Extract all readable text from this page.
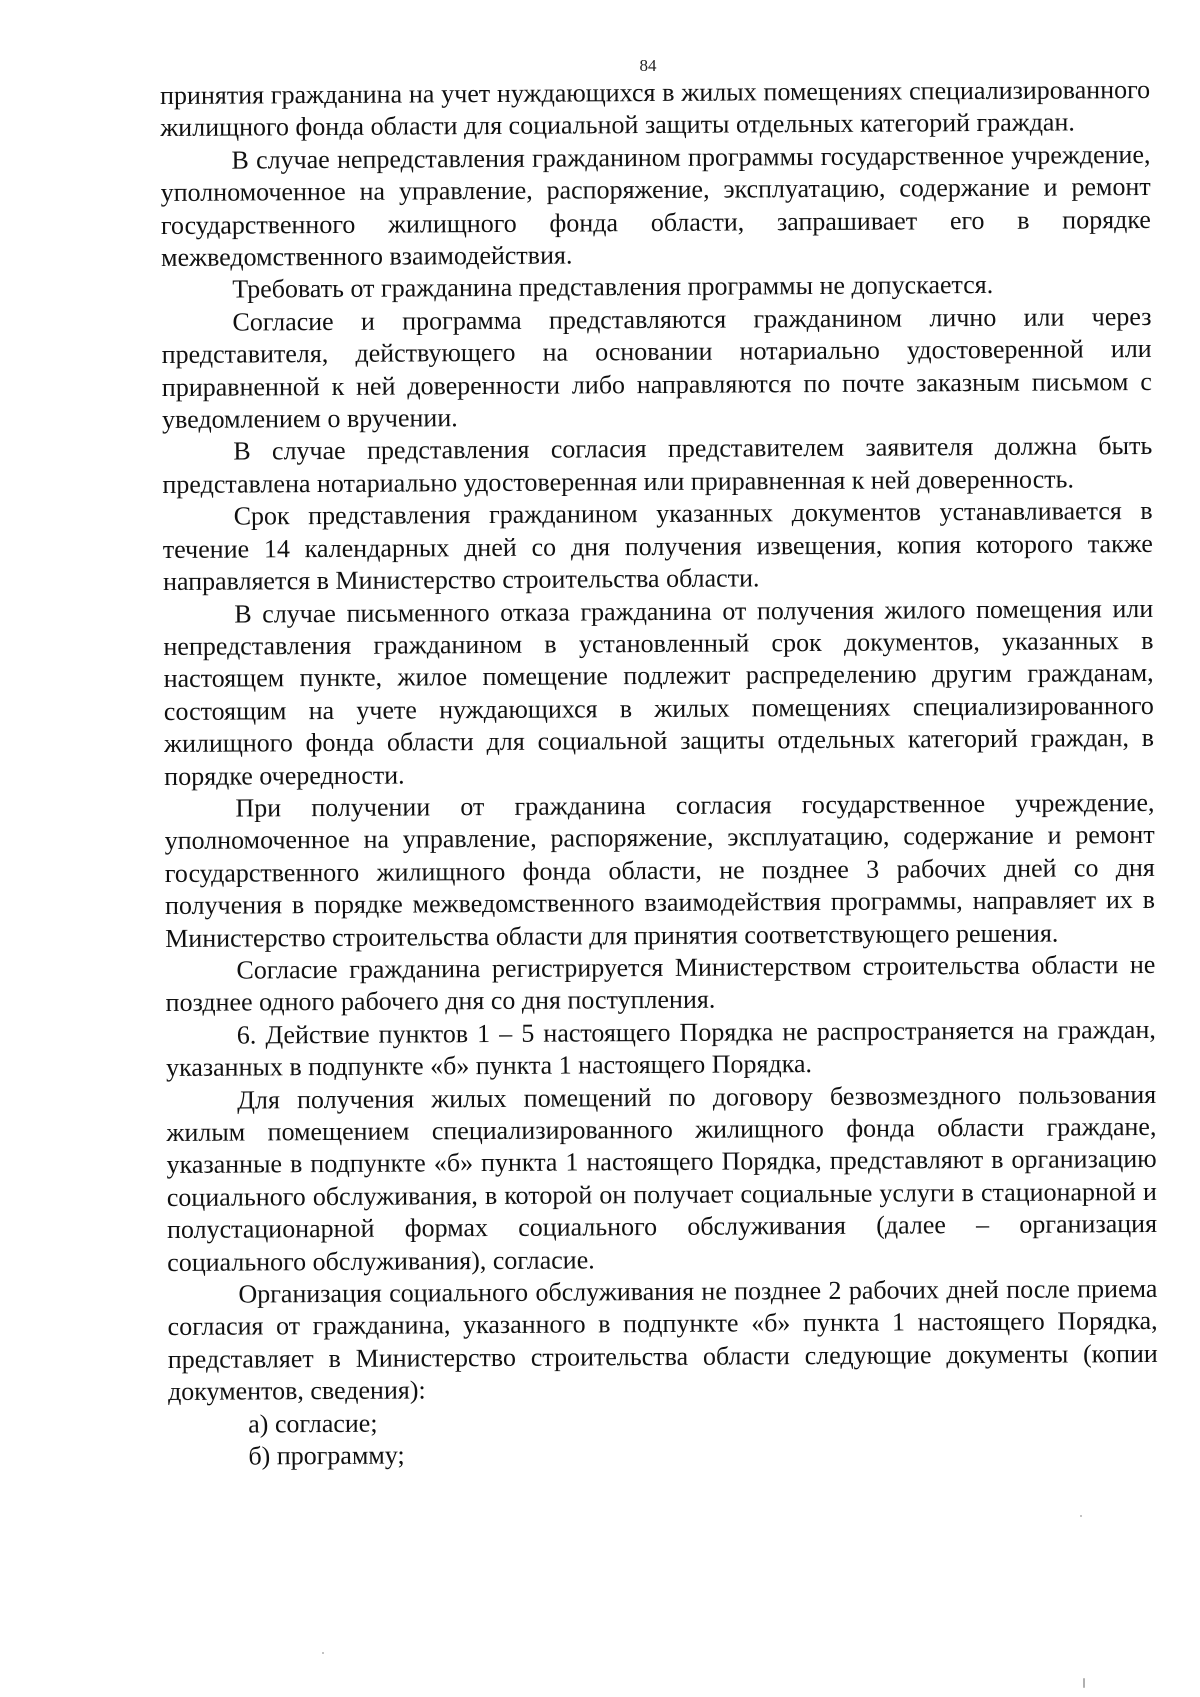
84

принятия гражданина на учет нуждающихся в жилых помещениях специализированного жилищного фонда области для социальной защиты отдельных категорий граждан.

В случае непредставления гражданином программы государственное учреждение, уполномоченное на управление, распоряжение, эксплуатацию, содержание и ремонт государственного жилищного фонда области, запрашивает его в порядке межведомственного взаимодействия.

Требовать от гражданина представления программы не допускается.

Согласие и программа представляются гражданином лично или через представителя, действующего на основании нотариально удостоверенной или приравненной к ней доверенности либо направляются по почте заказным письмом с уведомлением о вручении.

В случае представления согласия представителем заявителя должна быть представлена нотариально удостоверенная или приравненная к ней доверенность.

Срок представления гражданином указанных документов устанавливается в течение 14 календарных дней со дня получения извещения, копия которого также направляется в Министерство строительства области.

В случае письменного отказа гражданина от получения жилого помещения или непредставления гражданином в установленный срок документов, указанных в настоящем пункте, жилое помещение подлежит распределению другим гражданам, состоящим на учете нуждающихся в жилых помещениях специализированного жилищного фонда области для социальной защиты отдельных категорий граждан, в порядке очередности.

При получении от гражданина согласия государственное учреждение, уполномоченное на управление, распоряжение, эксплуатацию, содержание и ремонт государственного жилищного фонда области, не позднее 3 рабочих дней со дня получения в порядке межведомственного взаимодействия программы, направляет их в Министерство строительства области для принятия соответствующего решения.

Согласие гражданина регистрируется Министерством строительства области не позднее одного рабочего дня со дня поступления.

6. Действие пунктов 1 – 5 настоящего Порядка не распространяется на граждан, указанных в подпункте «б» пункта 1 настоящего Порядка.

Для получения жилых помещений по договору безвозмездного пользования жилым помещением специализированного жилищного фонда области граждане, указанные в подпункте «б» пункта 1 настоящего Порядка, представляют в организацию социального обслуживания, в которой он получает социальные услуги в стационарной и полустационарной формах социального обслуживания (далее – организация социального обслуживания), согласие.

Организация социального обслуживания не позднее 2 рабочих дней после приема согласия от гражданина, указанного в подпункте «б» пункта 1 настоящего Порядка, представляет в Министерство строительства области следующие документы (копии документов, сведения):

а) согласие;

б) программу;
